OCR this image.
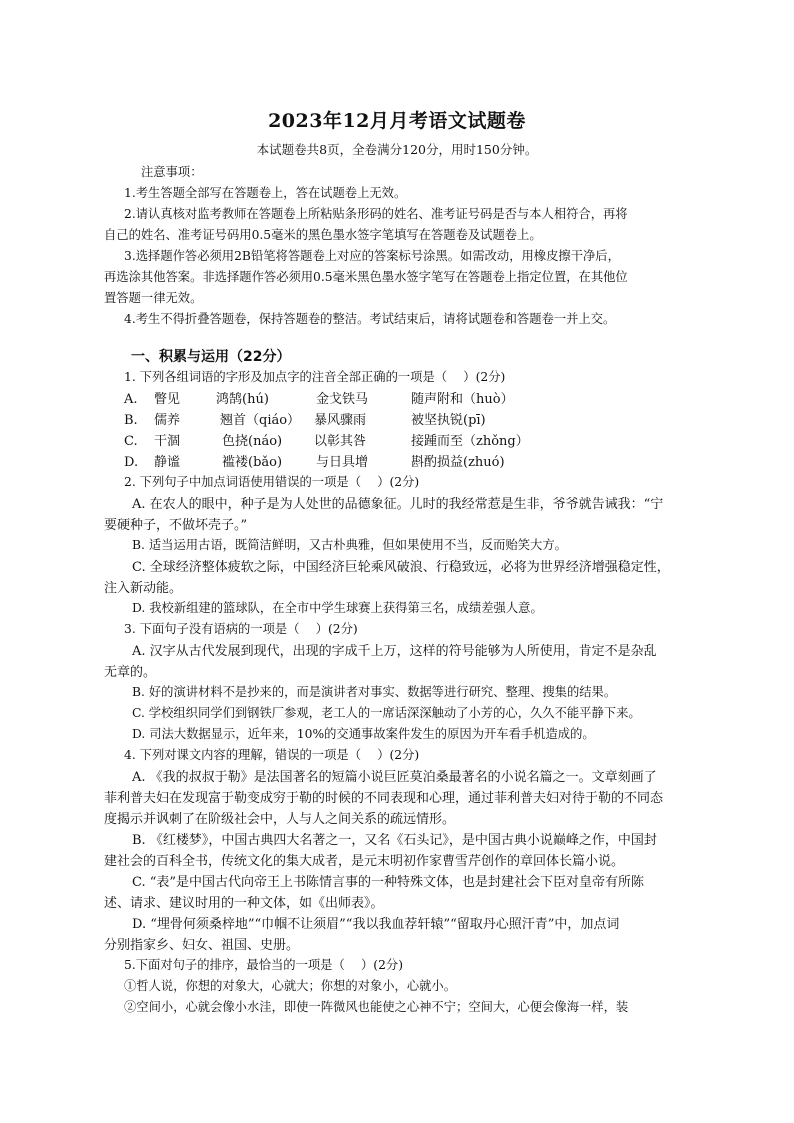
2023年12月月考语文试题卷
本试题卷共8页，全卷满分120分，用时150分钟。
注意事项：
1.考生答题全部写在答题卷上，答在试题卷上无效。
2.请认真核对监考教师在答题卷上所粘贴条形码的姓名、准考证号码是否与本人相符合，再将
自己的姓名、准考证号码用0.5毫米的黑色墨水签字笔填写在答题卷及试题卷上。
3.选择题作答必须用2B铅笔将答题卷上对应的答案标号涂黑。如需改动，用橡皮擦干净后，
再选涂其他答案。非选择题作答必须用0.5毫米黑色墨水签字笔写在答题卷上指定位置，在其他位
置答题一律无效。
4.考生不得折叠答题卷，保持答题卷的整洁。考试结束后，请将试题卷和答题卷一并上交。
一、积累与运用（22分）
1. 下列各组词语的字形及加点字的注音全部正确的一项是（　 ）(2分)
A. 瞥见	鸿鹄(hú)	金戈铁马	随声附和（huò）
B. 儒养	翘首（qiáo） 暴风骤雨	被坚执锐(pī)
C. 干涸	色挠(náo) 以彰其咎	接踵而至（zhǒng）
D. 静谧	褴褛(bǎo)	与日具增	斟酌损益(zhuó)
2. 下列句子中加点词语使用错误的一项是（　 ）(2分)
A. 在农人的眼中，种子是为人处世的品德象征。儿时的我经常惹是生非，爷爷就告诫我：“宁
要硬种子，不做坏壳子。”
B. 适当运用古语，既简洁鲜明，又古朴典雅，但如果使用不当，反而贻笑大方。
C. 全球经济整体疲软之际，中国经济巨轮乘风破浪、行稳致远，必将为世界经济增强稳定性，
注入新动能。
D. 我校新组建的篮球队，在全市中学生球赛上获得第三名，成绩差强人意。
3. 下面句子没有语病的一项是（　 ）(2分)
A. 汉字从古代发展到现代，出现的字成千上万，这样的符号能够为人所使用，肯定不是杂乱
无章的。
B. 好的演讲材料不是抄来的，而是演讲者对事实、数据等进行研究、整理、搜集的结果。
C. 学校组织同学们到钢铁厂参观，老工人的一席话深深触动了小芳的心，久久不能平静下来。
D. 司法大数据显示，近年来，10%的交通事故案件发生的原因为开车看手机造成的。
4. 下列对课文内容的理解，错误的一项是（　 ）(2分)
A. 《我的叔叔于勒》是法国著名的短篇小说巨匠莫泊桑最著名的小说名篇之一。文章刻画了
菲利普夫妇在发现富于勒变成穷于勒的时候的不同表现和心理，通过菲利普夫妇对待于勒的不同态
度揭示并讽刺了在阶级社会中，人与人之间关系的疏远情形。
B. 《红楼梦》，中国古典四大名著之一，又名《石头记》，是中国古典小说巅峰之作，中国封
建社会的百科全书，传统文化的集大成者，是元末明初作家曹雪芹创作的章回体长篇小说。
C. “表”是中国古代向帝王上书陈情言事的一种特殊文体，也是封建社会下臣对皇帝有所陈
述、请求、建议时用的一种文体，如《出师表》。
D. “埋骨何须桑梓地”“巾帼不让须眉”“我以我血荐轩辕”“留取丹心照汗青”中，加点词
分别指家乡、妇女、祖国、史册。
5.下面对句子的排序，最恰当的一项是（　 ）(2分)
①哲人说，你想的对象大，心就大；你想的对象小，心就小。
②空间小，心就会像小水洼，即使一阵微风也能使之心神不宁；空间大，心便会像海一样，装
